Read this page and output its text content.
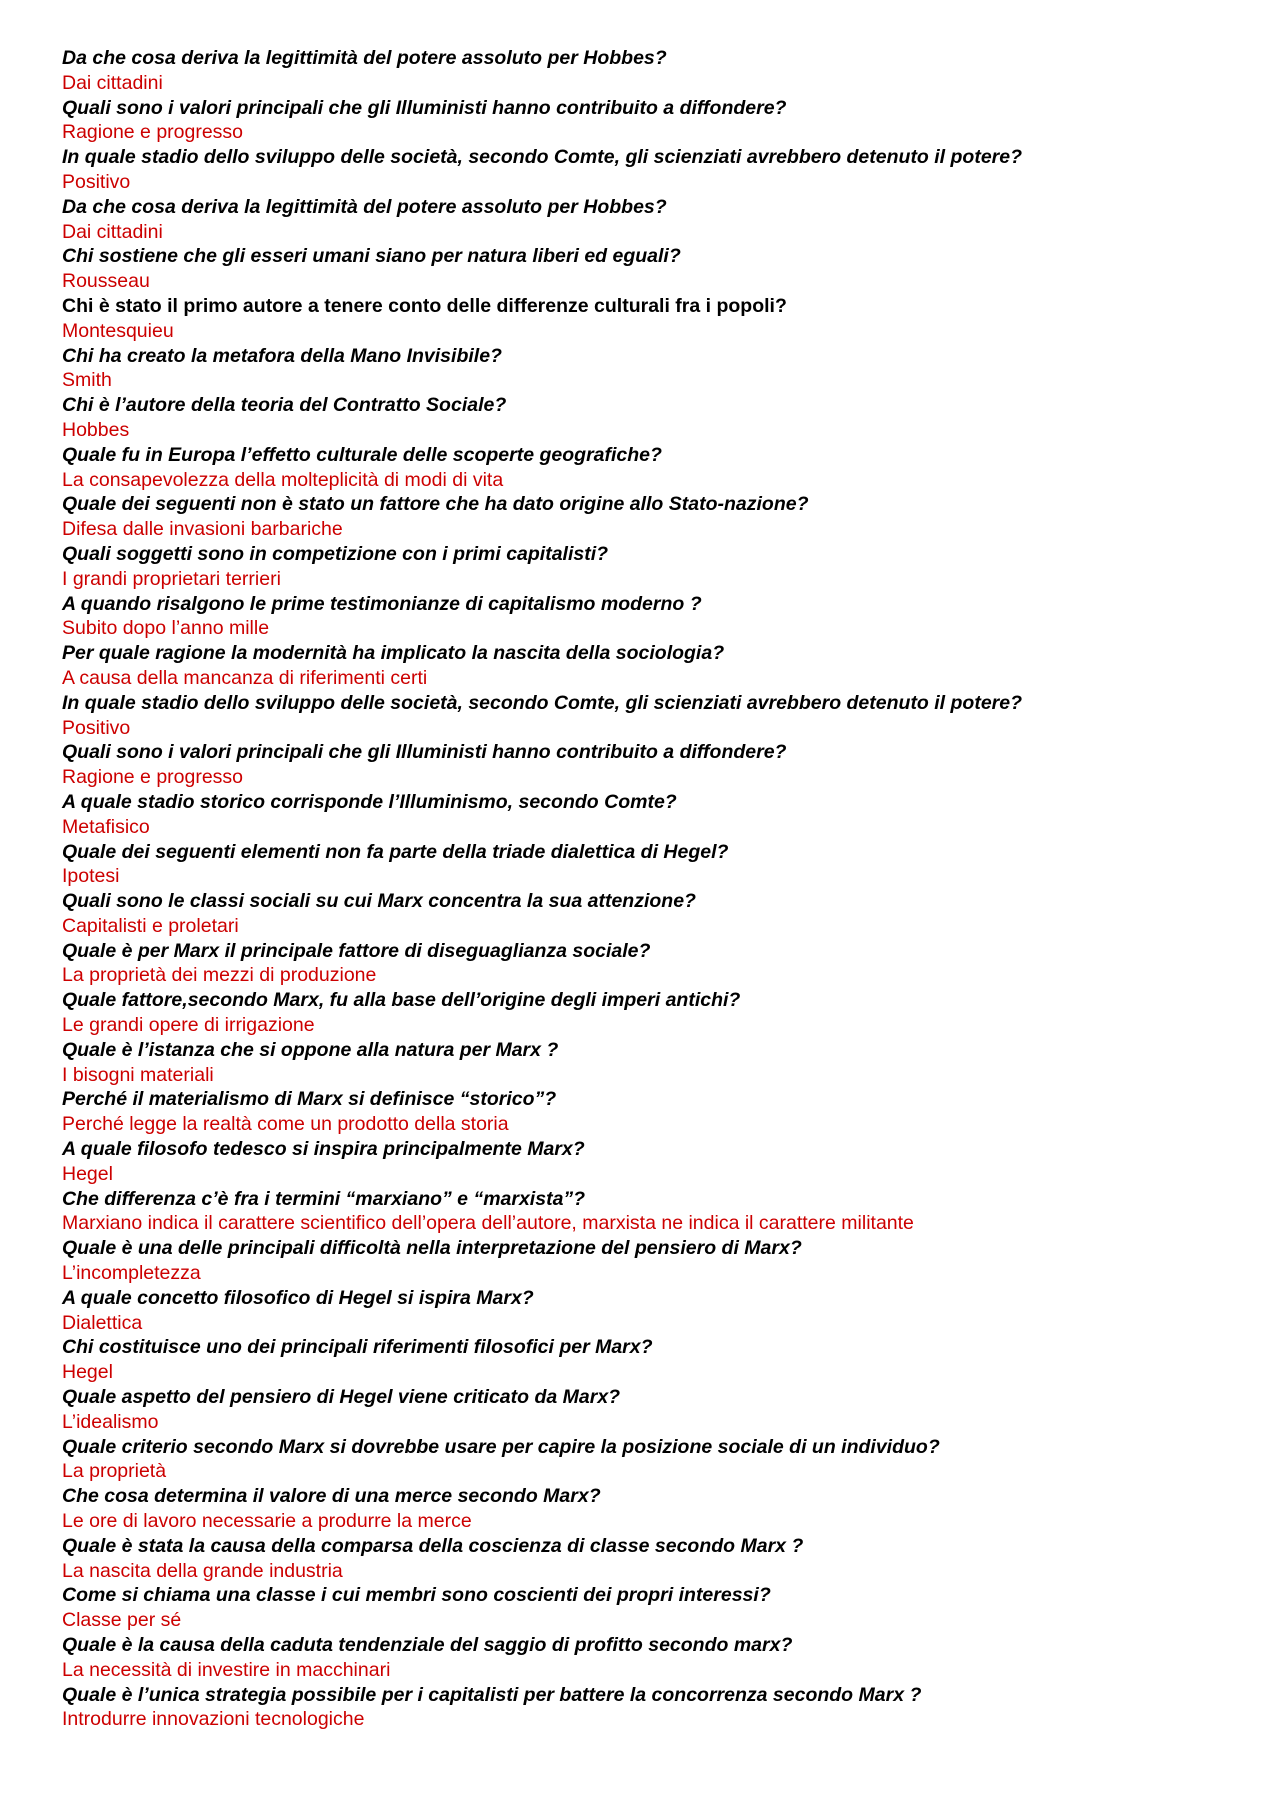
Da che cosa deriva la legittimità del potere assoluto per Hobbes?
Dai cittadini
Quali sono i valori principali che gli Illuministi hanno contribuito a diffondere?
Ragione e progresso
In quale stadio dello sviluppo delle società, secondo Comte, gli scienziati avrebbero detenuto il potere?
Positivo
Da che cosa deriva la legittimità del potere assoluto per Hobbes?
Dai cittadini
Chi sostiene che gli esseri umani siano per natura liberi ed eguali?
Rousseau
Chi è stato il primo autore a tenere conto delle differenze culturali fra i popoli?
Montesquieu
Chi ha creato la metafora della Mano Invisibile?
Smith
Chi è l’autore della teoria del Contratto Sociale?
Hobbes
Quale fu in Europa l’effetto culturale delle scoperte geografiche?
La consapevolezza della molteplicità di modi di vita
Quale dei seguenti non è stato un fattore che ha dato origine allo Stato-nazione?
Difesa dalle invasioni barbariche
Quali soggetti sono in competizione con i primi capitalisti?
I grandi proprietari terrieri
A quando risalgono le prime testimonianze di capitalismo moderno ?
Subito dopo l’anno mille
Per quale ragione la modernità ha implicato la nascita della sociologia?
A causa della mancanza di riferimenti certi
In quale stadio dello sviluppo delle società, secondo Comte, gli scienziati avrebbero detenuto il potere?
Positivo
Quali sono i valori principali che gli Illuministi hanno contribuito a diffondere?
Ragione e progresso
A quale stadio storico corrisponde l’Illuminismo, secondo Comte?
Metafisico
Quale dei seguenti elementi non fa parte della triade dialettica di Hegel?
Ipotesi
Quali sono le classi sociali su cui Marx concentra la sua attenzione?
Capitalisti e proletari
Quale è per Marx il principale fattore di diseguaglianza sociale?
La proprietà dei mezzi di produzione
Quale fattore,secondo Marx, fu alla base dell’origine degli imperi antichi?
Le grandi opere di irrigazione
Quale è l’istanza che si oppone alla natura per Marx ?
I bisogni materiali
Perché il materialismo di Marx si definisce “storico”?
Perché legge la realtà come un prodotto della storia
A quale filosofo tedesco si inspira principalmente Marx?
Hegel
Che differenza c’è fra i termini “marxiano” e “marxista”?
Marxiano indica il carattere scientifico dell’opera dell’autore, marxista ne indica il carattere militante
Quale è una delle principali difficoltà nella interpretazione del pensiero di Marx?
L’incompletezza
A quale concetto filosofico di Hegel si ispira Marx?
Dialettica
Chi costituisce uno dei principali riferimenti filosofici per Marx?
Hegel
Quale aspetto del pensiero di Hegel viene criticato da Marx?
L’idealismo
Quale criterio secondo Marx si dovrebbe usare per capire la posizione sociale di un individuo?
La proprietà
Che cosa determina il valore di una merce secondo Marx?
Le ore di lavoro necessarie a produrre la merce
Quale è stata la causa della comparsa della coscienza di classe secondo Marx ?
La nascita della grande industria
Come si chiama una classe i cui membri sono coscienti dei propri interessi?
Classe per sé
Quale è la causa della caduta tendenziale del saggio di profitto secondo marx?
La necessità di investire in macchinari
Quale è l’unica strategia possibile per i capitalisti per battere la concorrenza secondo Marx ?
Introdurre innovazioni tecnologiche
